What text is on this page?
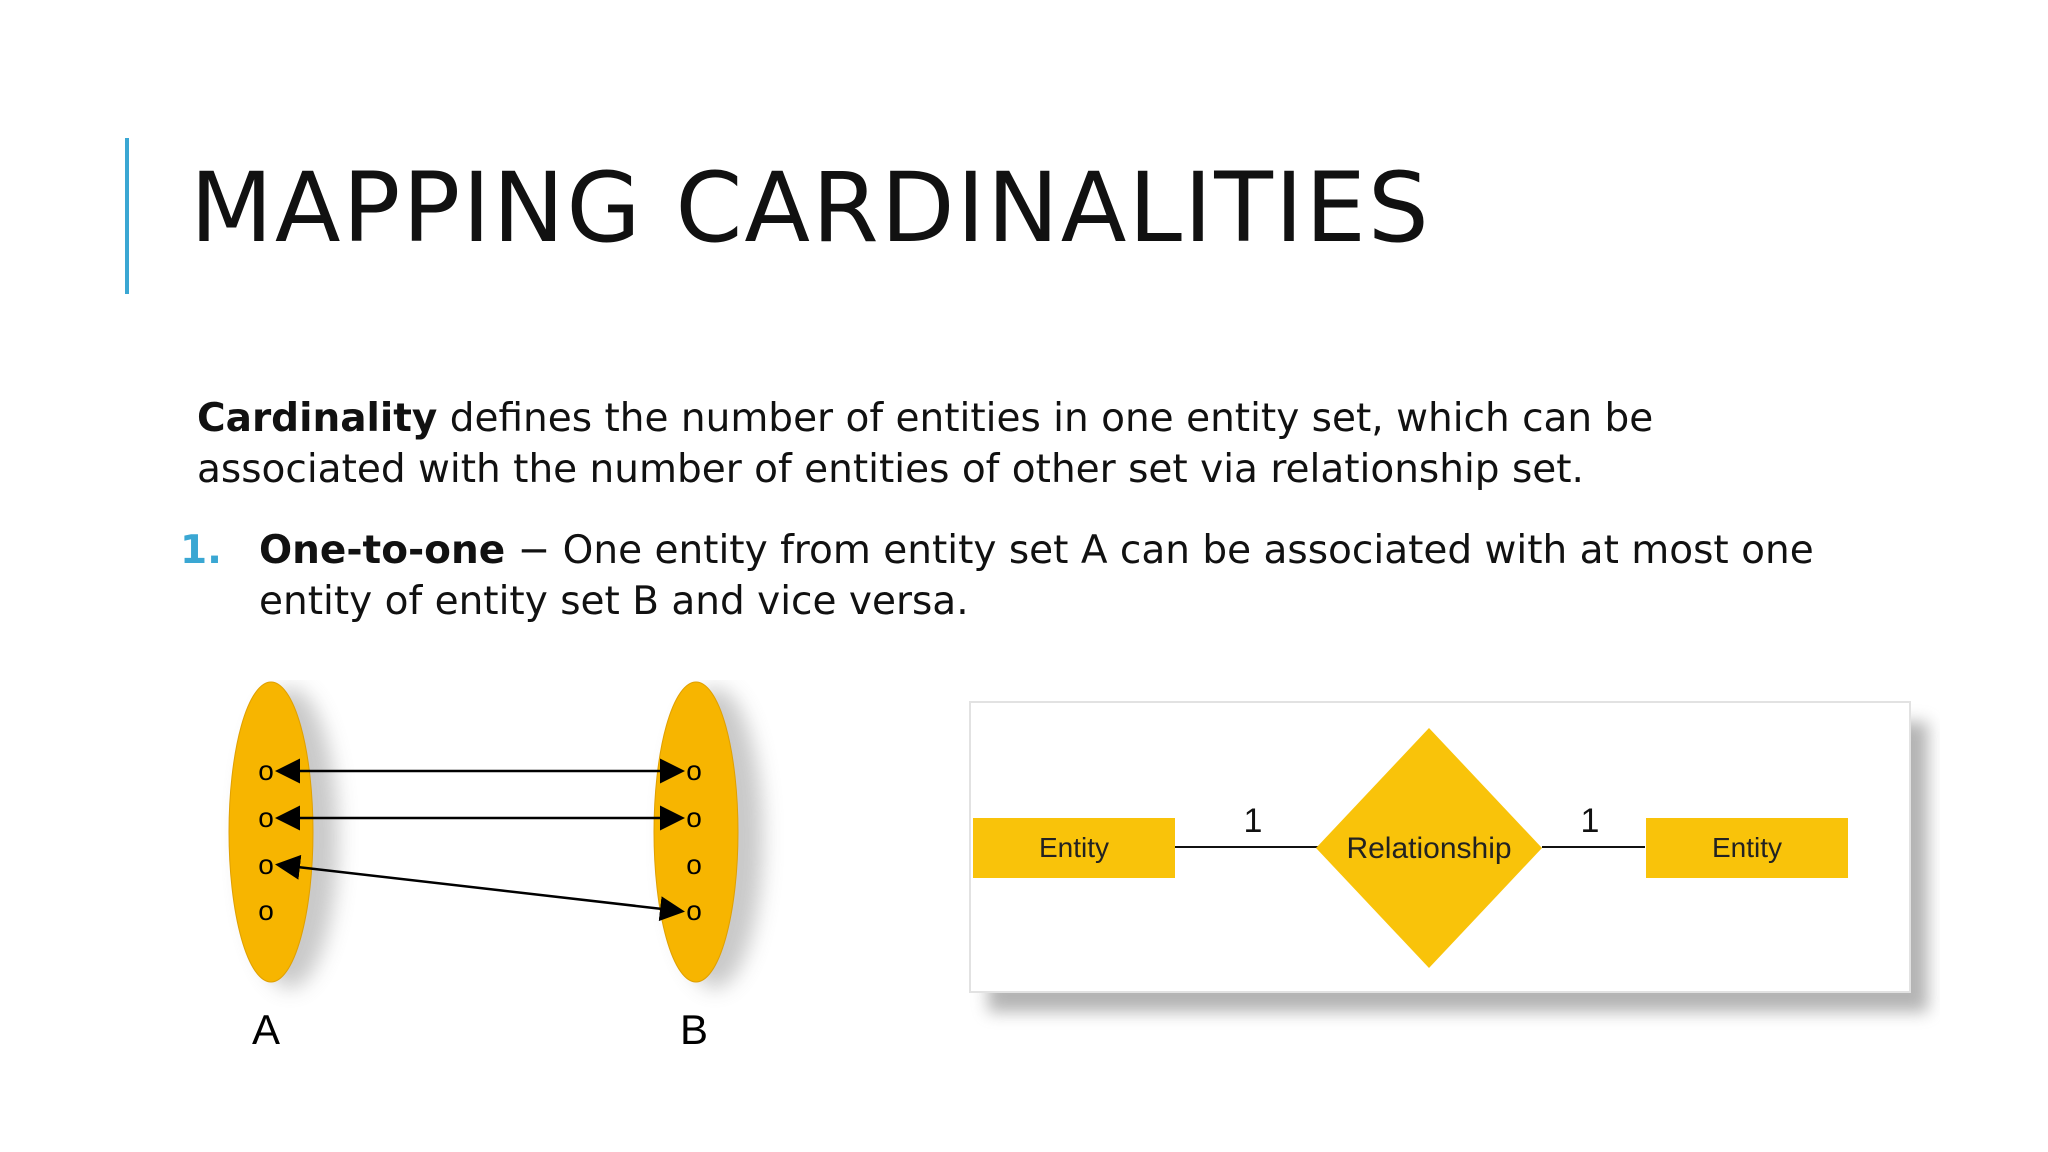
MAPPING CARDINALITIES
Cardinality defines the number of entities in one entity set, which can be associated with the number of entities of other set via relationship set.
1. One-to-one − One entity from entity set A can be associated with at most one entity of entity set B and vice versa.
o
o
o
o
o
o
o
o
A	B
Entity	Relationship	Entity
1	1
